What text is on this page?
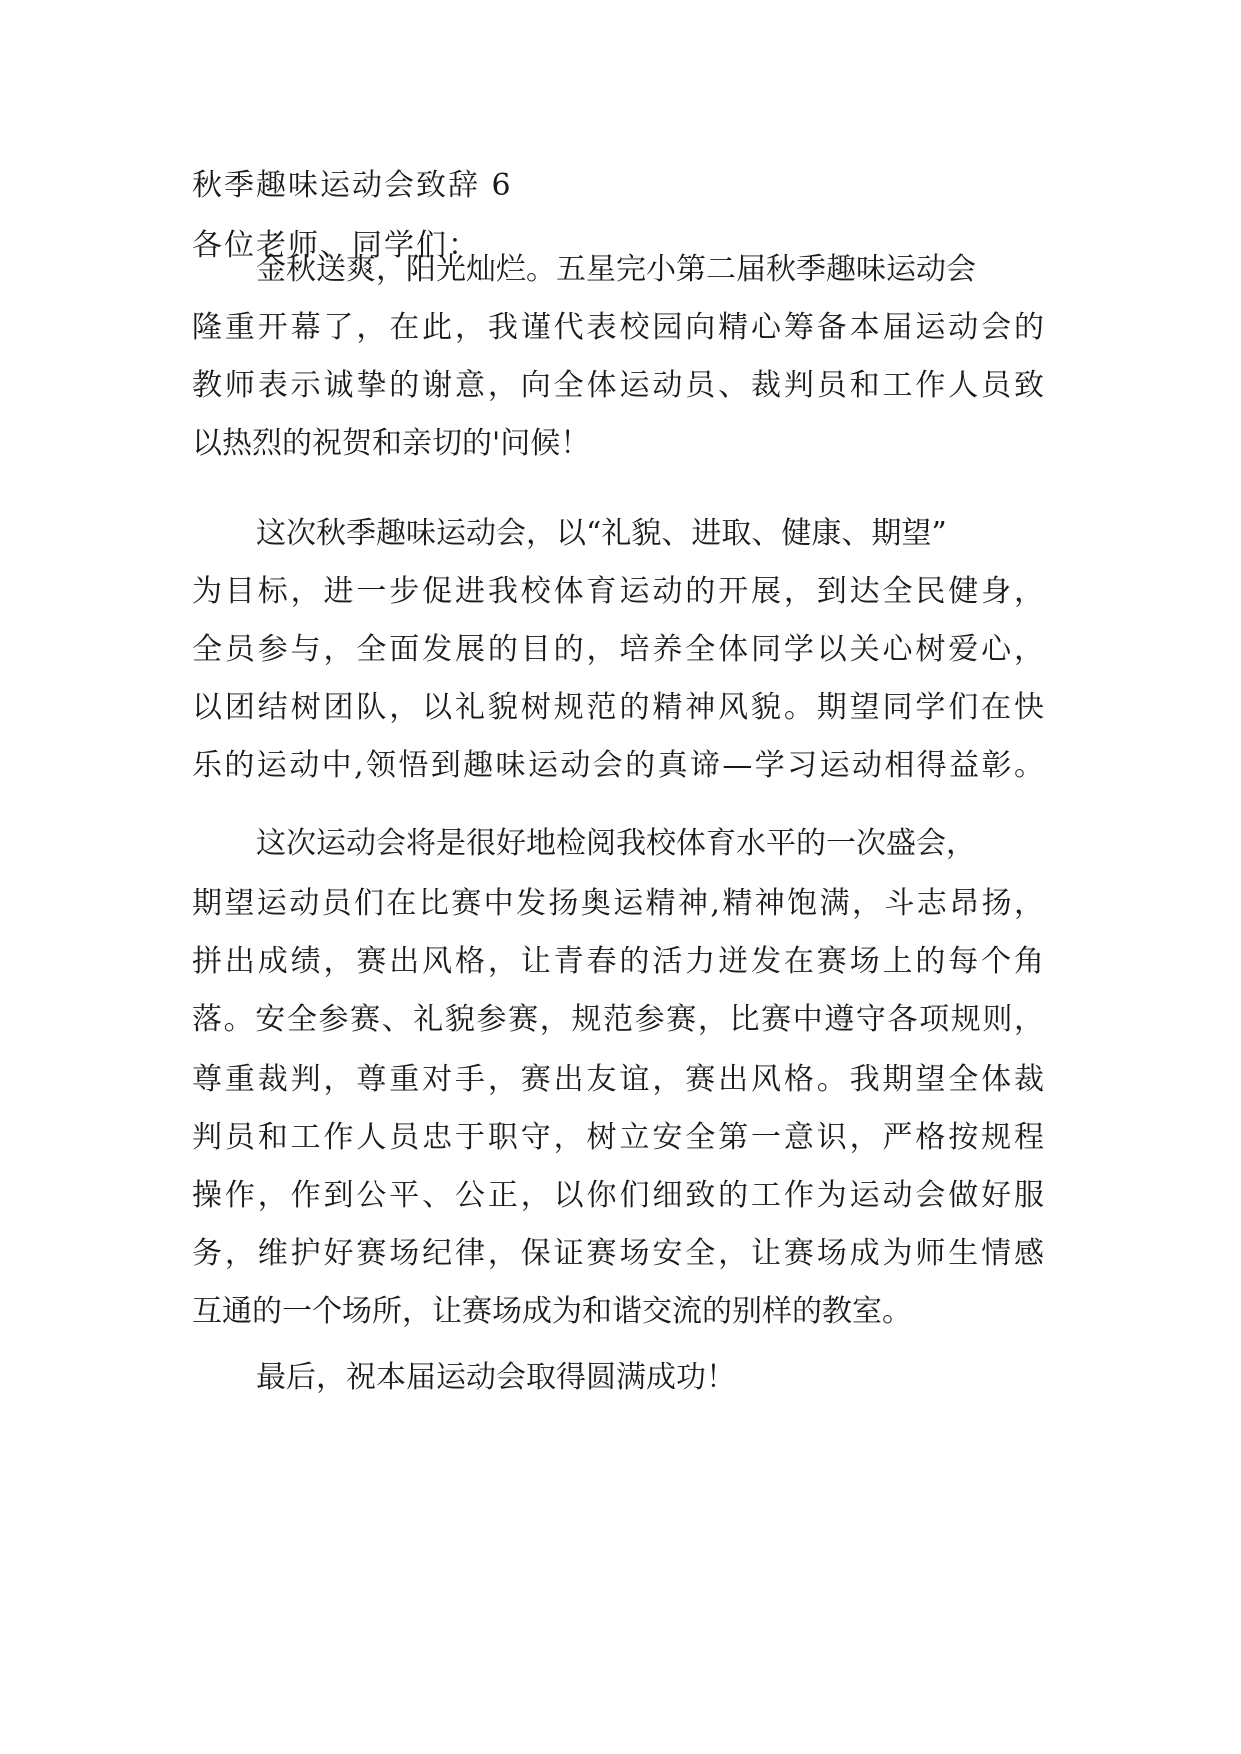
秋季趣味运动会致辞 6
各位老师、同学们：
金秋送爽，阳光灿烂。五星完小第二届秋季趣味运动会
隆重开幕了，在此，我谨代表校园向精心筹备本届运动会的
教师表示诚挚的谢意，向全体运动员、裁判员和工作人员致
以热烈的祝贺和亲切的'问候！
这次秋季趣味运动会，以“礼貌、进取、健康、期望”
为目标，进一步促进我校体育运动的开展，到达全民健身，
全员参与，全面发展的目的，培养全体同学以关心树爱心，
以团结树团队，以礼貌树规范的精神风貌。期望同学们在快
乐的运动中,领悟到趣味运动会的真谛—学习运动相得益彰。
这次运动会将是很好地检阅我校体育水平的一次盛会，
期望运动员们在比赛中发扬奥运精神,精神饱满，斗志昂扬，
拼出成绩，赛出风格，让青春的活力迸发在赛场上的每个角
落。安全参赛、礼貌参赛，规范参赛，比赛中遵守各项规则，
尊重裁判，尊重对手，赛出友谊，赛出风格。我期望全体裁
判员和工作人员忠于职守，树立安全第一意识，严格按规程
操作，作到公平、公正，以你们细致的工作为运动会做好服
务，维护好赛场纪律，保证赛场安全，让赛场成为师生情感
互通的一个场所，让赛场成为和谐交流的别样的教室。
最后，祝本届运动会取得圆满成功！
